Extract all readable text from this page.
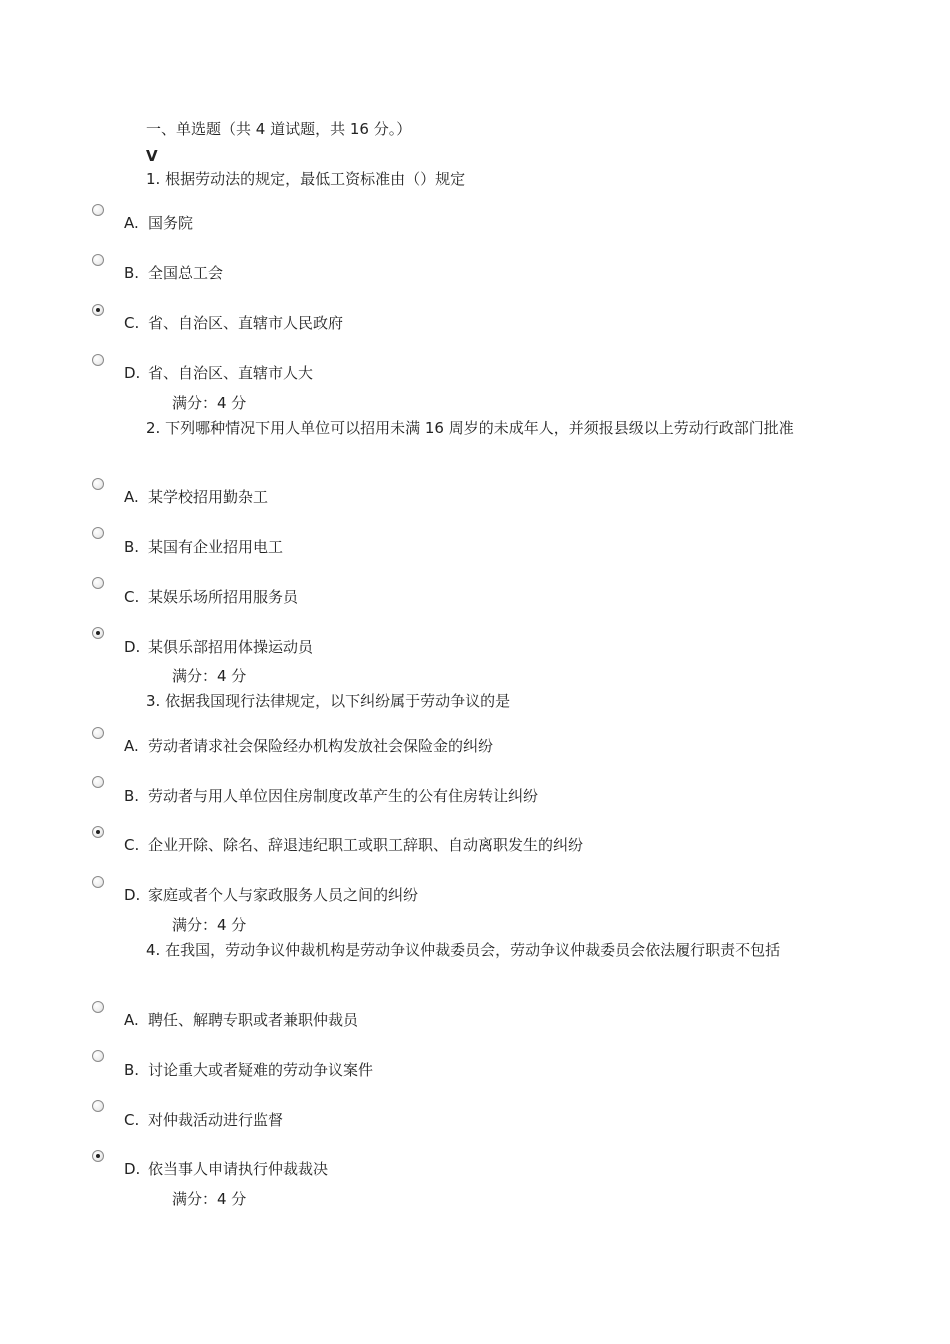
一、单选题（共 4 道试题，共 16 分。）
V
1. 根据劳动法的规定，最低工资标准由（）规定
A. 国务院
B. 全国总工会
C. 省、自治区、直辖市人民政府
D. 省、自治区、直辖市人大
满分：4 分
2. 下列哪种情况下用人单位可以招用未满 16 周岁的未成年人，并须报县级以上劳动行政部门批准
A. 某学校招用勤杂工
B. 某国有企业招用电工
C. 某娱乐场所招用服务员
D. 某俱乐部招用体操运动员
满分：4 分
3. 依据我国现行法律规定，以下纠纷属于劳动争议的是
A. 劳动者请求社会保险经办机构发放社会保险金的纠纷
B. 劳动者与用人单位因住房制度改革产生的公有住房转让纠纷
C. 企业开除、除名、辞退违纪职工或职工辞职、自动离职发生的纠纷
D. 家庭或者个人与家政服务人员之间的纠纷
满分：4 分
4. 在我国，劳动争议仲裁机构是劳动争议仲裁委员会，劳动争议仲裁委员会依法履行职责不包括
A. 聘任、解聘专职或者兼职仲裁员
B. 讨论重大或者疑难的劳动争议案件
C. 对仲裁活动进行监督
D. 依当事人申请执行仲裁裁决
满分：4 分
